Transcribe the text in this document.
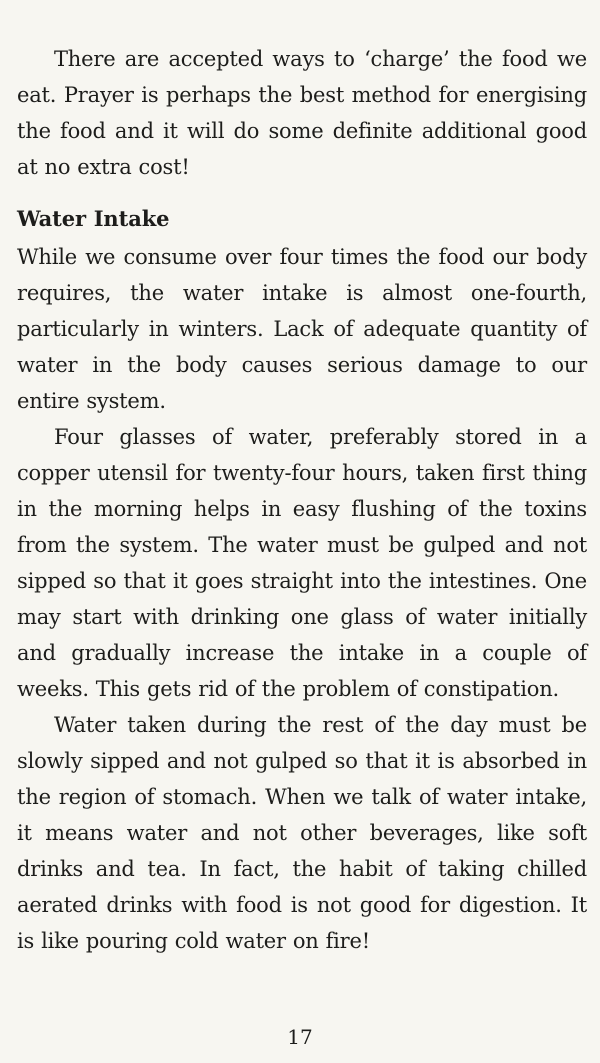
There are accepted ways to ‘charge’ the food we eat. Prayer is perhaps the best method for energising the food and it will do some definite additional good at no extra cost!

Water Intake

While we consume over four times the food our body requires, the water intake is almost one-fourth, particularly in winters. Lack of adequate quantity of water in the body causes serious damage to our entire system.

Four glasses of water, preferably stored in a copper utensil for twenty-four hours, taken first thing in the morning helps in easy flushing of the toxins from the system. The water must be gulped and not sipped so that it goes straight into the intestines. One may start with drinking one glass of water initially and gradually increase the intake in a couple of weeks. This gets rid of the problem of constipation.

Water taken during the rest of the day must be slowly sipped and not gulped so that it is absorbed in the region of stomach. When we talk of water intake, it means water and not other beverages, like soft drinks and tea. In fact, the habit of taking chilled aerated drinks with food is not good for digestion. It is like pouring cold water on fire!

17
